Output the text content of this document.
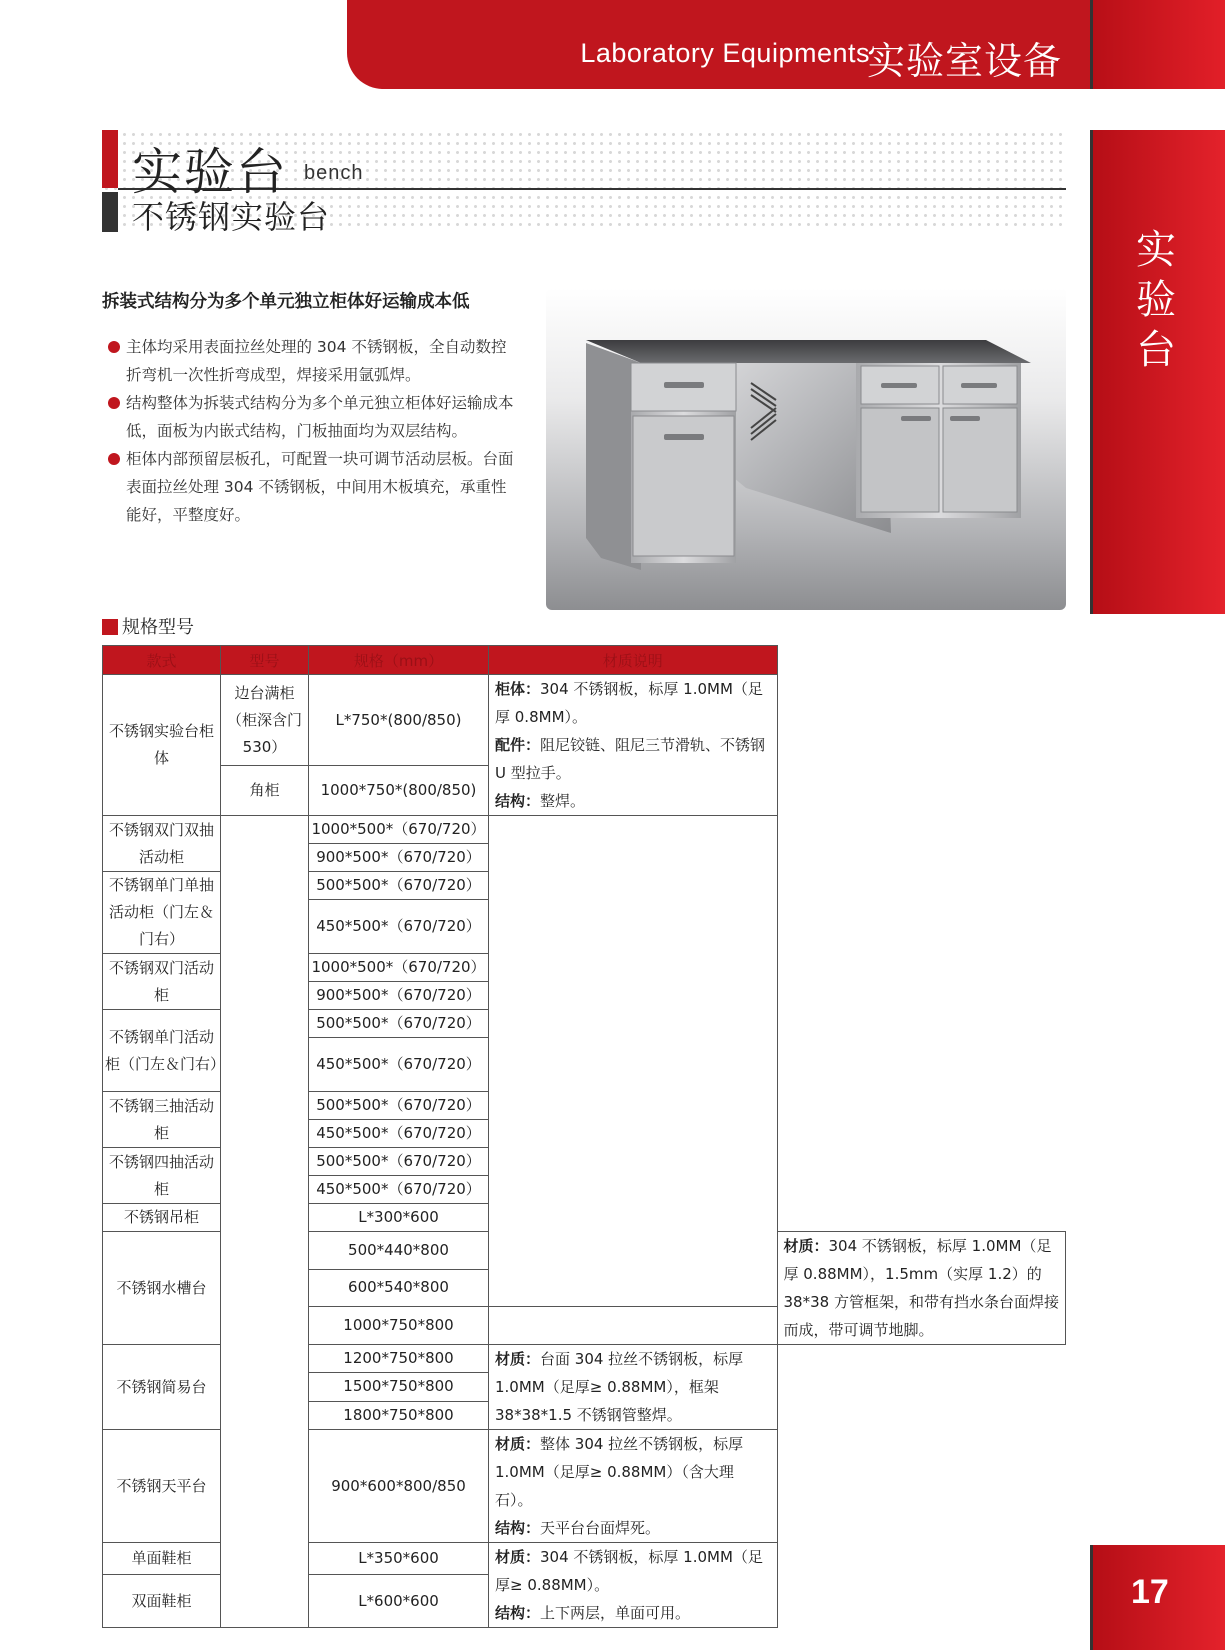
Laboratory Equipments
实验室设备
实验台
17
实验台 bench
不锈钢实验台
拆装式结构分为多个单元独立柜体好运输成本低
主体均采用表面拉丝处理的 304 不锈钢板，全自动数控折弯机一次性折弯成型，焊接采用氩弧焊。
结构整体为拆装式结构分为多个单元独立柜体好运输成本低，面板为内嵌式结构，门板抽面均为双层结构。
柜体内部预留层板孔，可配置一块可调节活动层板。台面表面拉丝处理 304 不锈钢板，中间用木板填充，承重性能好，平整度好。
规格型号
款式	型号	规格（mm）	材质说明	
不锈钢实验台柜体	边台满柜（柜深含门530）	L*750*(800/850)	柜体：304 不锈钢板，标厚 1.0MM（足厚 0.8MM）。
配件：阻尼铰链、阻尼三节滑轨、不锈钢 U 型拉手。
结构：整焊。	

	角柜	1000*750*(800/850)		
不锈钢双门双抽活动柜		1000*500*（670/720）		
		900*500*（670/720）		
不锈钢单门单抽活动柜（门左＆门右）		500*500*（670/720）		
		450*500*（670/720）		
不锈钢双门活动柜		1000*500*（670/720）		
		900*500*（670/720）		
不锈钢单门活动柜（门左＆门右）		500*500*（670/720）		
		450*500*（670/720）		
不锈钢三抽活动柜		500*500*（670/720）		
		450*500*（670/720）		
不锈钢四抽活动柜		500*500*（670/720）		
		450*500*（670/720）		
不锈钢吊柜		L*300*600		
不锈钢水槽台		500*440*800		材质：304 不锈钢板，标厚 1.0MM（足厚 0.88MM），1.5mm（实厚 1.2）的 38*38 方管框架，和带有挡水条台面焊接而成，带可调节地脚。

		600*540*800		
		1000*750*800		
不锈钢简易台		1200*750*800	材质：台面 304 拉丝不锈钢板，标厚 1.0MM（足厚≥ 0.88MM），框架 38*38*1.5 不锈钢管整焊。	

		1500*750*800		
		1800*750*800		
不锈钢天平台		900*600*800/850	材质：整体 304 拉丝不锈钢板，标厚 1.0MM（足厚≥ 0.88MM）（含大理石）。
结构：天平台台面焊死。	

单面鞋柜		L*350*600	材质：304 不锈钢板，标厚 1.0MM（足厚≥ 0.88MM）。
结构：上下两层，单面可用。	

双面鞋柜		L*600*600		
